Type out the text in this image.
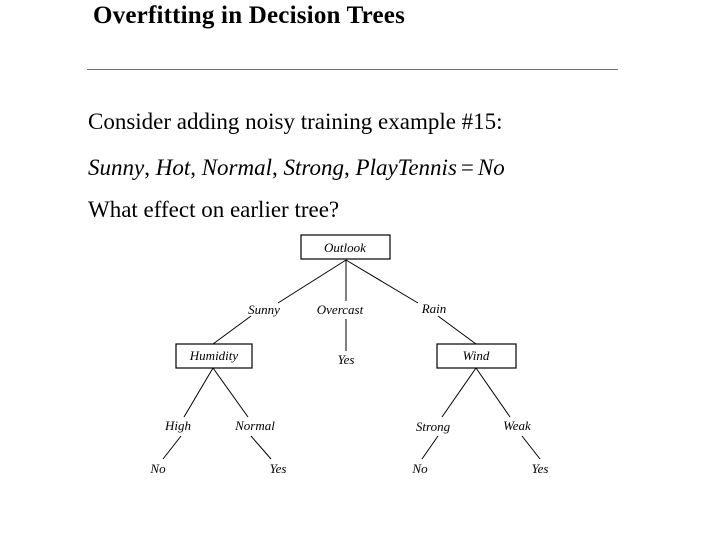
Overfitting in Decision Trees
Consider adding noisy training example #15:
Sunny, Hot, Normal, Strong, PlayTennis = No
What effect on earlier tree?
Outlook
Sunny	Overcast	Rain
Humidity	Yes	Wind
High	Normal	Strong	Weak
No	Yes	No	Yes
